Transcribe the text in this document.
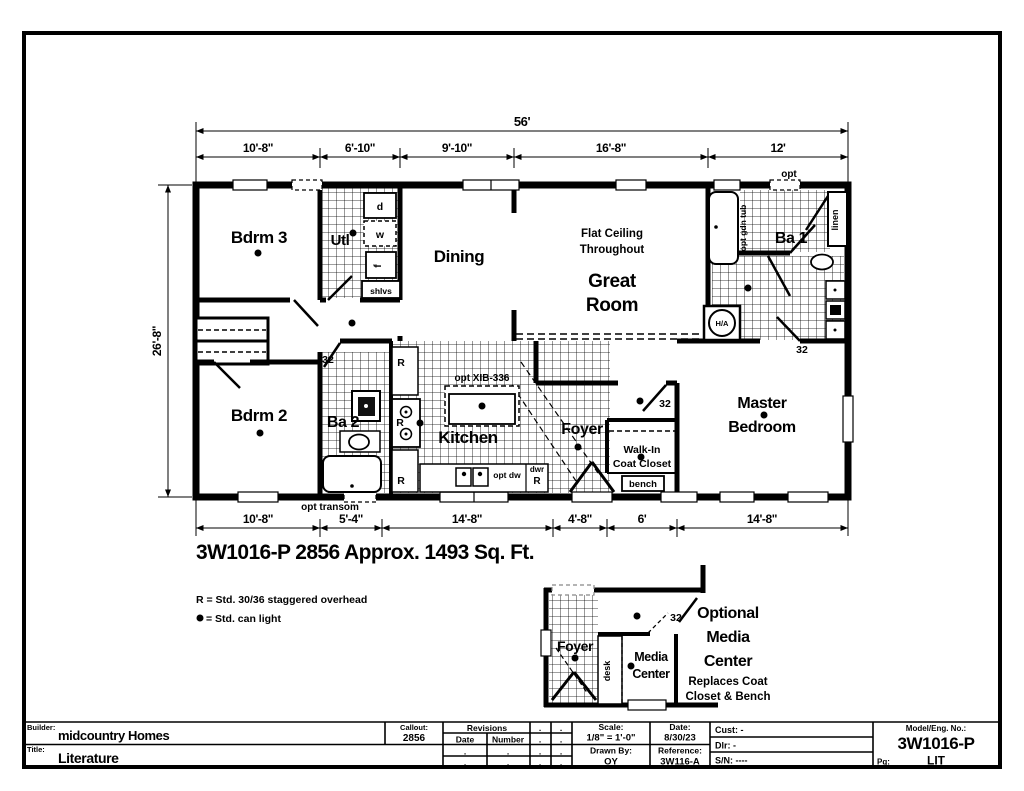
56'
10'-8"	6'-10"	9'-10"	16'-8"	12'
opt
10'-8"	5'-4"	14'-8"	4'-8"	6'	14'-8"
opt transom
26'-8"
Bdrm 3	Utl
Dining
Flat Ceiling
Throughout
Great
Room
Ba 1
Bdrm 2 Ba 2
Kitchen	Foyer
Master
Bedroom
Walk-In
Coat Closet
bench
d
w
f
shlvs
linen
opt gdn tub
H/A
opt XIB-336
opt dw
dwr
R
R
R
R
32
32
32
3W1016-P 2856 Approx. 1493 Sq. Ft.
R = Std. 30/36 staggered overhead
= Std. can light
Foyer
desk
Media
Center
32 Optional
Media
Center
Replaces Coat
Closet & Bench
Builder:
midcountry Homes
Title:
Literature
Callout:
2856
Revisions	. .
Date Number . .
.	.	. .
.	.	. .
Scale:
1/8" = 1'-0"
Drawn By:
OY
Date:
8/30/23
Reference:
3W116-A
Cust: -
Dlr: -
S/N: ----
Model/Eng. No.:
3W1016-P
Pg:	LIT
